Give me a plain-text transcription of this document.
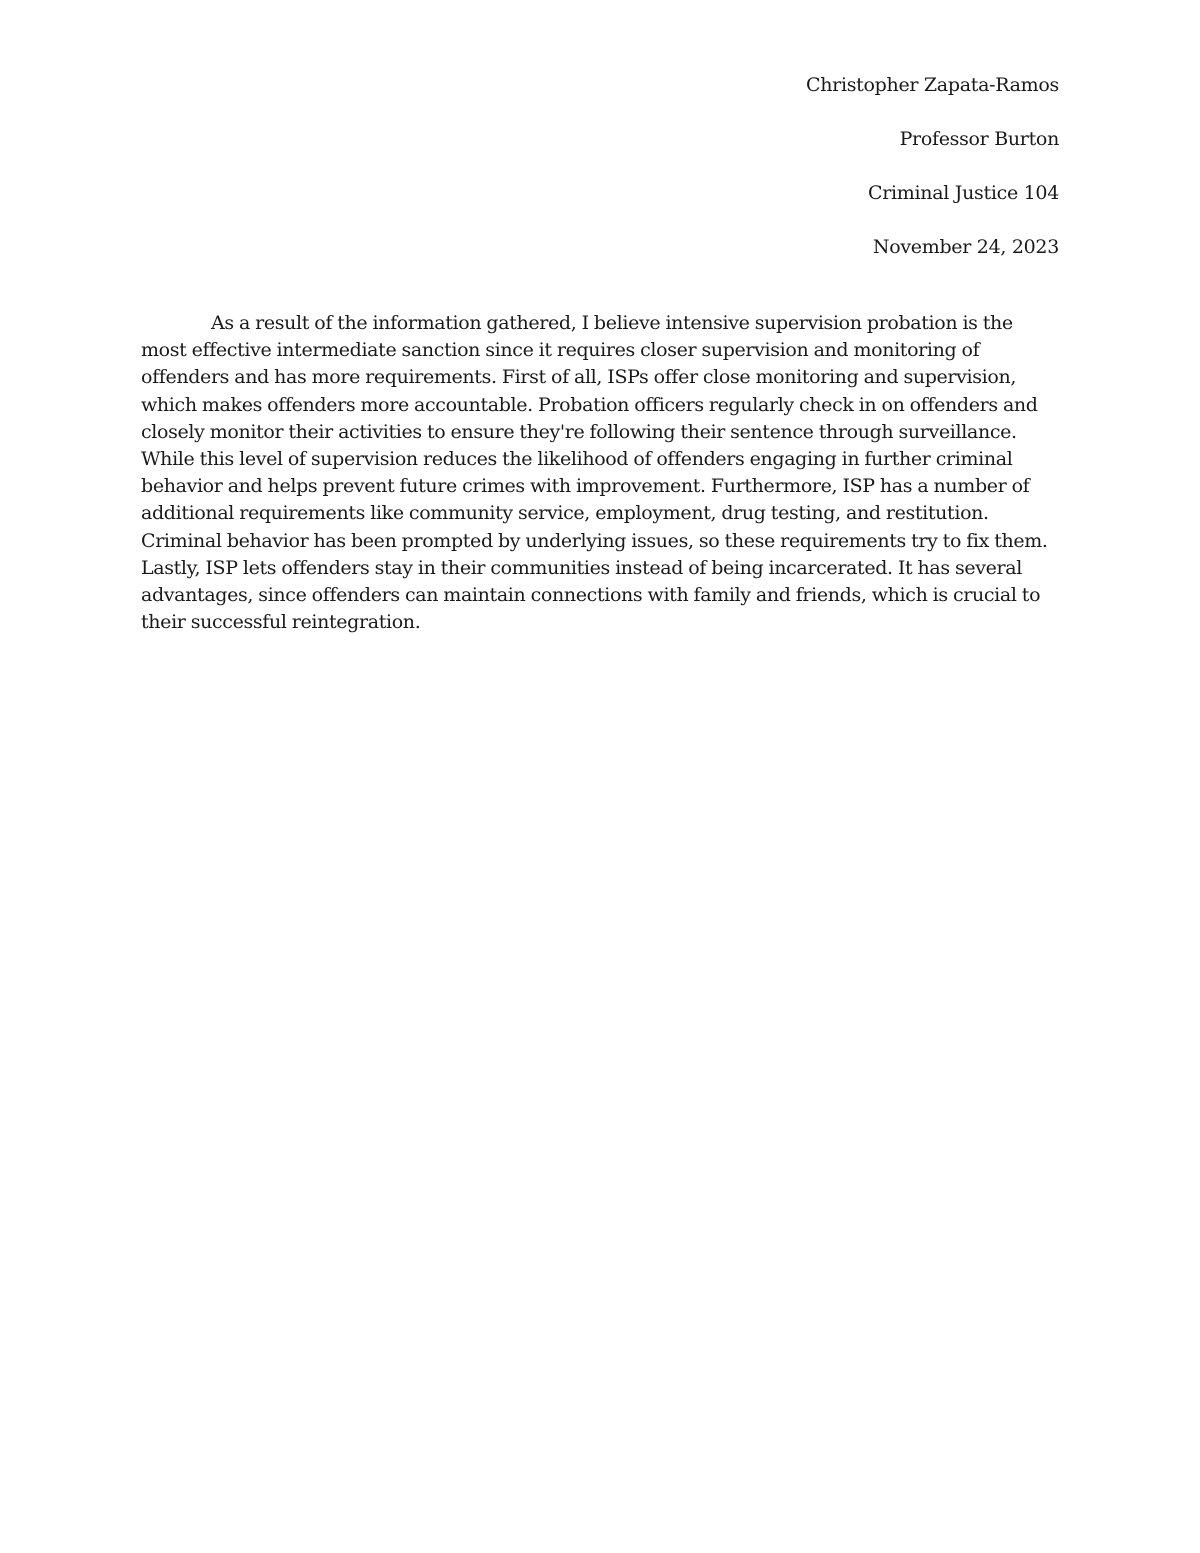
Christopher Zapata-Ramos
Professor Burton
Criminal Justice 104
November 24, 2023

As a result of the information gathered, I believe intensive supervision probation is the most effective intermediate sanction since it requires closer supervision and monitoring of offenders and has more requirements. First of all, ISPs offer close monitoring and supervision, which makes offenders more accountable. Probation officers regularly check in on offenders and closely monitor their activities to ensure they're following their sentence through surveillance. While this level of supervision reduces the likelihood of offenders engaging in further criminal behavior and helps prevent future crimes with improvement. Furthermore, ISP has a number of additional requirements like community service, employment, drug testing, and restitution. Criminal behavior has been prompted by underlying issues, so these requirements try to fix them. Lastly, ISP lets offenders stay in their communities instead of being incarcerated. It has several advantages, since offenders can maintain connections with family and friends, which is crucial to their successful reintegration.
